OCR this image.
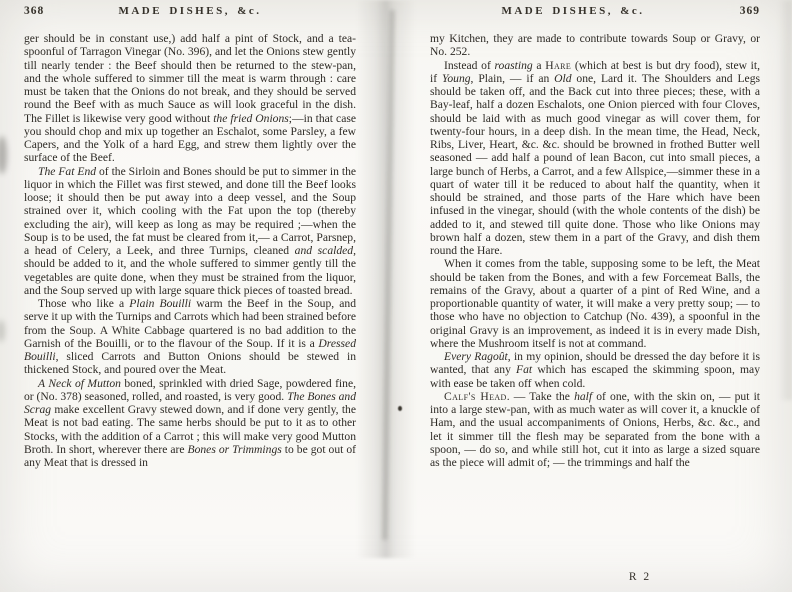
368	MADE DISHES, &c.

ger should be in constant use,) add half a pint of Stock, and a tea-spoonful of Tarragon Vinegar (No. 396), and let the Onions stew gently till nearly tender : the Beef should then be returned to the stew-pan, and the whole suffered to simmer till the meat is warm through : care must be taken that the Onions do not break, and they should be served round the Beef with as much Sauce as will look graceful in the dish. The Fillet is likewise very good without the fried Onions;—in that case you should chop and mix up together an Eschalot, some Parsley, a few Capers, and the Yolk of a hard Egg, and strew them lightly over the surface of the Beef.

The Fat End of the Sirloin and Bones should be put to simmer in the liquor in which the Fillet was first stewed, and done till the Beef looks loose; it should then be put away into a deep vessel, and the Soup strained over it, which cooling with the Fat upon the top (thereby excluding the air), will keep as long as may be required ;—when the Soup is to be used, the fat must be cleared from it,— a Carrot, Parsnep, a head of Celery, a Leek, and three Turnips, cleaned and scalded, should be added to it, and the whole suffered to simmer gently till the vegetables are quite done, when they must be strained from the liquor, and the Soup served up with large square thick pieces of toasted bread.

Those who like a Plain Bouilli warm the Beef in the Soup, and serve it up with the Turnips and Carrots which had been strained before from the Soup. A White Cabbage quartered is no bad addition to the Garnish of the Bouilli, or to the flavour of the Soup. If it is a Dressed Bouilli, sliced Carrots and Button Onions should be stewed in thickened Stock, and poured over the Meat.

A Neck of Mutton boned, sprinkled with dried Sage, powdered fine, or (No. 378) seasoned, rolled, and roasted, is very good. The Bones and Scrag make excellent Gravy stewed down, and if done very gently, the Meat is not bad eating. The same herbs should be put to it as to other Stocks, with the addition of a Carrot ; this will make very good Mutton Broth. In short, wherever there are Bones or Trimmings to be got out of any Meat that is dressed in

MADE DISHES, &c.	369

my Kitchen, they are made to contribute towards Soup or Gravy, or No. 252.

Instead of roasting a Hare (which at best is but dry food), stew it, if Young, Plain, — if an Old one, Lard it. The Shoulders and Legs should be taken off, and the Back cut into three pieces; these, with a Bay-leaf, half a dozen Eschalots, one Onion pierced with four Cloves, should be laid with as much good vinegar as will cover them, for twenty-four hours, in a deep dish. In the mean time, the Head, Neck, Ribs, Liver, Heart, &c. &c. should be browned in frothed Butter well seasoned — add half a pound of lean Bacon, cut into small pieces, a large bunch of Herbs, a Carrot, and a few Allspice,—simmer these in a quart of water till it be reduced to about half the quantity, when it should be strained, and those parts of the Hare which have been infused in the vinegar, should (with the whole contents of the dish) be added to it, and stewed till quite done. Those who like Onions may brown half a dozen, stew them in a part of the Gravy, and dish them round the Hare.

When it comes from the table, supposing some to be left, the Meat should be taken from the Bones, and with a few Forcemeat Balls, the remains of the Gravy, about a quarter of a pint of Red Wine, and a proportionable quantity of water, it will make a very pretty soup; — to those who have no objection to Catchup (No. 439), a spoonful in the original Gravy is an improvement, as indeed it is in every made Dish, where the Mushroom itself is not at command.

Every Ragoût, in my opinion, should be dressed the day before it is wanted, that any Fat which has escaped the skimming spoon, may with ease be taken off when cold.

Calf's Head. — Take the half of one, with the skin on, — put it into a large stew-pan, with as much water as will cover it, a knuckle of Ham, and the usual accompaniments of Onions, Herbs, &c. &c., and let it simmer till the flesh may be separated from the bone with a spoon, — do so, and while still hot, cut it into as large a sized square as the piece will admit of; — the trimmings and half the

R 2
